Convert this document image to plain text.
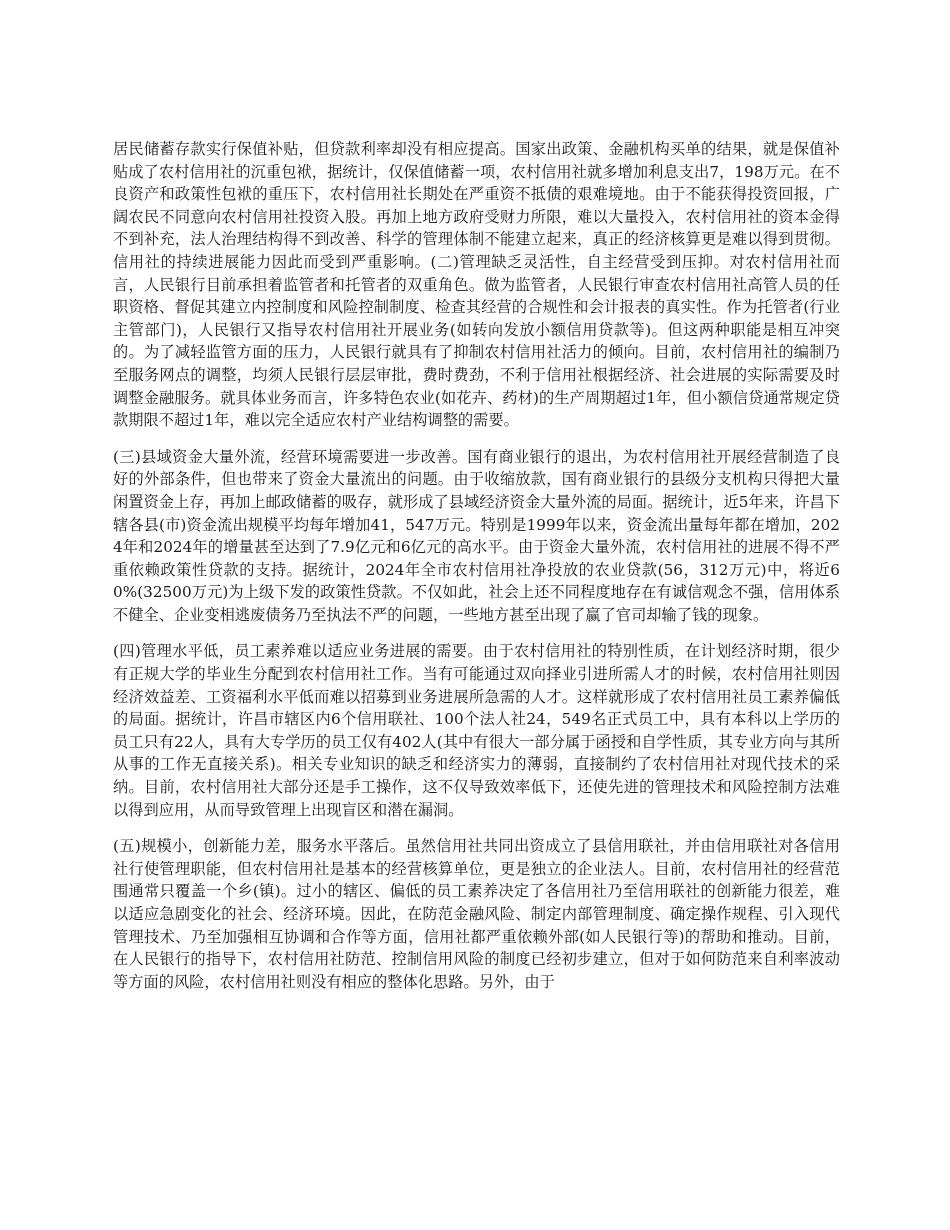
居民储蓄存款实行保值补贴，但贷款利率却没有相应提高。国家出政策、金融机构买单的结果，就是保值补贴成了农村信用社的沉重包袱，据统计，仅保值储蓄一项，农村信用社就多增加利息支出7，198万元。在不良资产和政策性包袱的重压下，农村信用社长期处在严重资不抵债的艰难境地。由于不能获得投资回报，广阔农民不同意向农村信用社投资入股。再加上地方政府受财力所限，难以大量投入，农村信用社的资本金得不到补充，法人治理结构得不到改善、科学的管理体制不能建立起来，真正的经济核算更是难以得到贯彻。信用社的持续进展能力因此而受到严重影响。(二)管理缺乏灵活性，自主经营受到压抑。对农村信用社而言，人民银行目前承担着监管者和托管者的双重角色。做为监管者，人民银行审查农村信用社高管人员的任职资格、督促其建立内控制度和风险控制制度、检查其经营的合规性和会计报表的真实性。作为托管者(行业主管部门)，人民银行又指导农村信用社开展业务(如转向发放小额信用贷款等)。但这两种职能是相互冲突的。为了减轻监管方面的压力，人民银行就具有了抑制农村信用社活力的倾向。目前，农村信用社的编制乃至服务网点的调整，均须人民银行层层审批，费时费劲，不利于信用社根据经济、社会进展的实际需要及时调整金融服务。就具体业务而言，许多特色农业(如花卉、药材)的生产周期超过1年，但小额信贷通常规定贷款期限不超过1年，难以完全适应农村产业结构调整的需要。

(三)县域资金大量外流，经营环境需要进一步改善。国有商业银行的退出，为农村信用社开展经营制造了良好的外部条件，但也带来了资金大量流出的问题。由于收缩放款，国有商业银行的县级分支机构只得把大量闲置资金上存，再加上邮政储蓄的吸存，就形成了县域经济资金大量外流的局面。据统计，近5年来，许昌下辖各县(市)资金流出规模平均每年增加41，547万元。特别是1999年以来，资金流出量每年都在增加，2024年和2024年的增量甚至达到了7.9亿元和6亿元的高水平。由于资金大量外流，农村信用社的进展不得不严重依赖政策性贷款的支持。据统计，2024年全市农村信用社净投放的农业贷款(56，312万元)中，将近60%(32500万元)为上级下发的政策性贷款。不仅如此，社会上还不同程度地存在有诚信观念不强，信用体系不健全、企业变相逃废债务乃至执法不严的问题，一些地方甚至出现了赢了官司却输了钱的现象。

(四)管理水平低，员工素养难以适应业务进展的需要。由于农村信用社的特别性质，在计划经济时期，很少有正规大学的毕业生分配到农村信用社工作。当有可能通过双向择业引进所需人才的时候，农村信用社则因经济效益差、工资福利水平低而难以招募到业务进展所急需的人才。这样就形成了农村信用社员工素养偏低的局面。据统计，许昌市辖区内6个信用联社、100个法人社24，549名正式员工中，具有本科以上学历的员工只有22人，具有大专学历的员工仅有402人(其中有很大一部分属于函授和自学性质，其专业方向与其所从事的工作无直接关系)。相关专业知识的缺乏和经济实力的薄弱，直接制约了农村信用社对现代技术的采纳。目前，农村信用社大部分还是手工操作，这不仅导致效率低下，还使先进的管理技术和风险控制方法难以得到应用，从而导致管理上出现盲区和潜在漏洞。

(五)规模小，创新能力差，服务水平落后。虽然信用社共同出资成立了县信用联社，并由信用联社对各信用社行使管理职能，但农村信用社是基本的经营核算单位，更是独立的企业法人。目前，农村信用社的经营范围通常只覆盖一个乡(镇)。过小的辖区、偏低的员工素养决定了各信用社乃至信用联社的创新能力很差，难以适应急剧变化的社会、经济环境。因此，在防范金融风险、制定内部管理制度、确定操作规程、引入现代管理技术、乃至加强相互协调和合作等方面，信用社都严重依赖外部(如人民银行等)的帮助和推动。目前，在人民银行的指导下，农村信用社防范、控制信用风险的制度已经初步建立，但对于如何防范来自利率波动等方面的风险，农村信用社则没有相应的整体化思路。另外，由于
